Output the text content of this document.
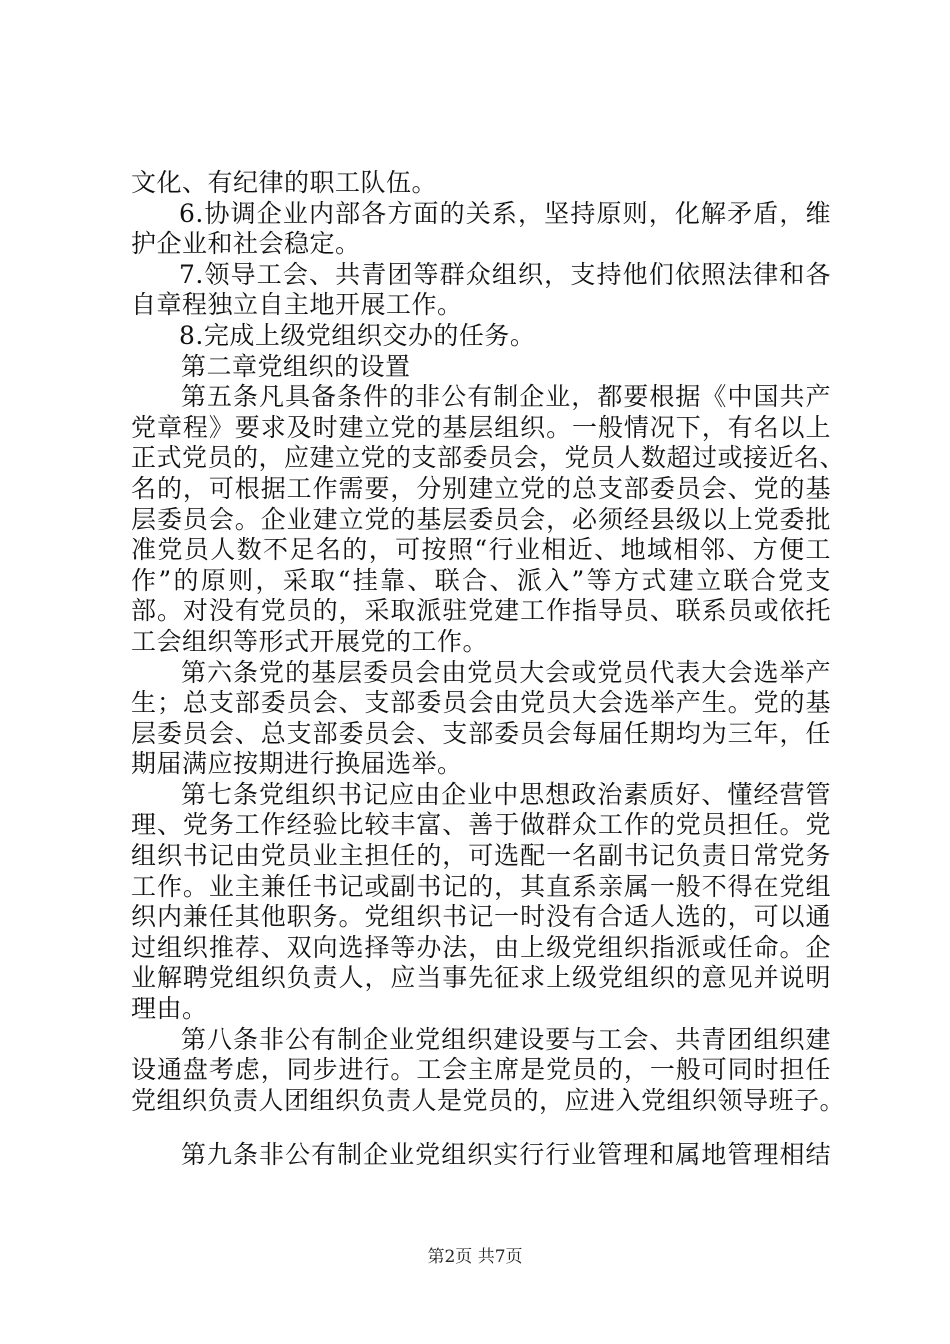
文化、有纪律的职工队伍。
6.协调企业内部各方面的关系，坚持原则，化解矛盾，维
护企业和社会稳定。
7.领导工会、共青团等群众组织，支持他们依照法律和各
自章程独立自主地开展工作。
8.完成上级党组织交办的任务。
第二章党组织的设置
第五条凡具备条件的非公有制企业，都要根据《中国共产
党章程》要求及时建立党的基层组织。一般情况下，有名以上
正式党员的，应建立党的支部委员会，党员人数超过或接近名、
名的，可根据工作需要，分别建立党的总支部委员会、党的基
层委员会。企业建立党的基层委员会，必须经县级以上党委批
准党员人数不足名的，可按照“行业相近、地域相邻、方便工
作”的原则，采取“挂靠、联合、派入”等方式建立联合党支
部。对没有党员的，采取派驻党建工作指导员、联系员或依托
工会组织等形式开展党的工作。
第六条党的基层委员会由党员大会或党员代表大会选举产
生；总支部委员会、支部委员会由党员大会选举产生。党的基
层委员会、总支部委员会、支部委员会每届任期均为三年，任
期届满应按期进行换届选举。
第七条党组织书记应由企业中思想政治素质好、懂经营管
理、党务工作经验比较丰富、善于做群众工作的党员担任。党
组织书记由党员业主担任的，可选配一名副书记负责日常党务
工作。业主兼任书记或副书记的，其直系亲属一般不得在党组
织内兼任其他职务。党组织书记一时没有合适人选的，可以通
过组织推荐、双向选择等办法，由上级党组织指派或任命。企
业解聘党组织负责人，应当事先征求上级党组织的意见并说明
理由。
第八条非公有制企业党组织建设要与工会、共青团组织建
设通盘考虑，同步进行。工会主席是党员的，一般可同时担任
党组织负责人团组织负责人是党员的，应进入党组织领导班子。
第九条非公有制企业党组织实行行业管理和属地管理相结
第2页 共7页
